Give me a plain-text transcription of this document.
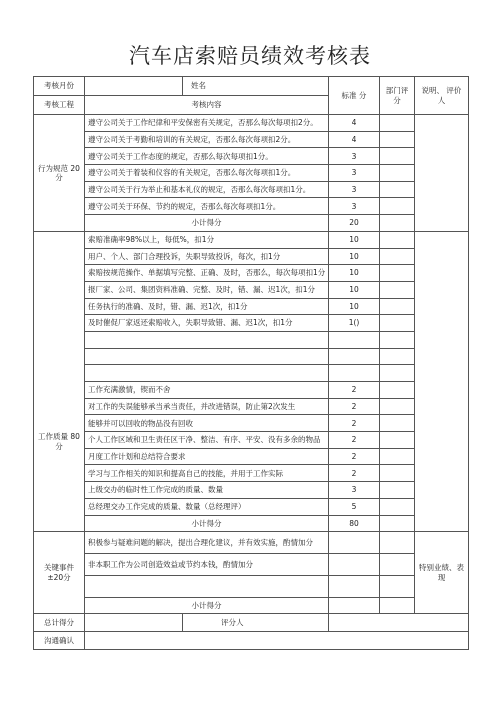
汽车店索赔员绩效考核表
考核月份		姓名	标准 分	部门评分	说明、 评价人
考核工程	考核内容				
行为规范 20分	遵守公司关于工作纪律和平安保密有关规定，否那么每次每项扣2分。		4		
	遵守公司关于考勤和培训的有关规定，否那么每次每项扣2分。		4		
	遵守公司关于工作态度的规定，否那么每次每项扣1分。		3		
	遵守公司关于着装和仪容的有关规定，否那么每次每项扣1分。		3		
	遵守公司关于行为举止和基本礼仪的规定，否那么每次每项扣1分。		3		
	遵守公司关于环保、节约的规定，否那么每次每项扣1分。		3		
	小计得分		20		
工作质量 80分	索赔准确率98%以上，每低%，扣1分		10		
	用户、个人、部门合理投诉，失职导致投诉，每次，扣1分		10		
	索赔按规范操作、单据填写完整、正确、及时，否那么，每次每项扣1分		10		
	报厂家、公司、集团资料准确、完整、及时，错、漏、迟1次，扣1分		10		
	任务执行的准确、及时，错、漏、迟1次，扣1分		10		
	及时催促厂家返还索赔收入，失职导致错、漏、迟1次，扣1分		1()		

	工作充满激情，锲而不舍		2		
	对工作的失误能够承当承当责任，并改进错误，防止第2次发生		2		
	能够并可以回收的物品没有回收		2		
	个人工作区域和卫生责任区干净、整洁、有序、平安、没有多余的物品		2		
	月度工作计划和总结符合要求		2		
	学习与工作相关的知识和提高自己的技能，并用于工作实际		2		
	上级交办的临时性工作完成的质量、数量		3		
	总经理交办工作完成的质量、数量（总经理评）		5		
	小计得分		80		
关键事件 ±20分	积极参与疑难问题的解决，提出合理化建议，并有效实施，酌情加分				特别业绩、表现
	非本职工作为公司创造效益或节约本钱，酌情加分				

	小计得分				
总计得分		评分人			
沟通确认					
